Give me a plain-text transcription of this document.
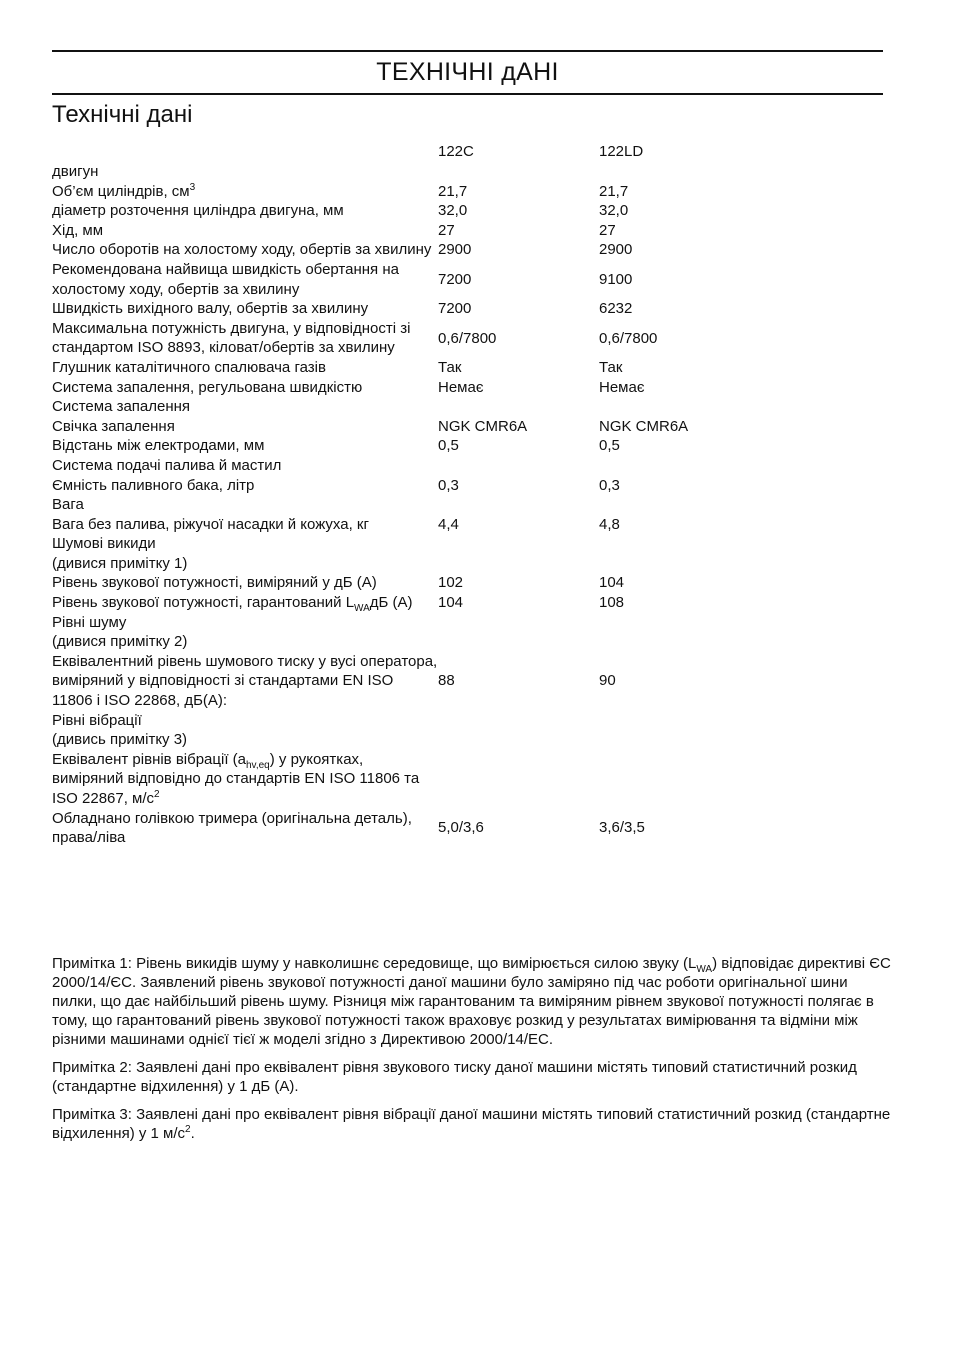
ТЕХНІЧНІ дАНІ
Технічні дані
	122C	122LD
двигун		
Об’єм циліндрів, $см^3$	21,7	21,7
діаметр розточення циліндра двигуна, мм	32,0	32,0
Хід, мм	27	27
Число оборотів на холостому ходу, обертів за хвилину	2900	2900
Рекомендована найвища швидкість обертання на холостому ходу, обертів за хвилину	7200	9100
Швидкість вихідного валу, обертів за хвилину	7200	6232
Максимальна потужність двигуна, у відповідності зі стандартом ISO 8893, кіловат/обертів за хвилину	0,6/7800	0,6/7800
Глушник каталітичного спалювача газів	Так	Так
Система запалення, регульована швидкістю	Немає	Немає
Система запалення		
Свічка запалення	NGK CMR6A	NGK CMR6A
Відстань між електродами, мм	0,5	0,5
Система подачі палива й мастил		
Ємність паливного бака, літр	0,3	0,3
Вага		
Вага без палива, ріжучої насадки й кожуха, кг	4,4	4,8
Шумові викиди		
(дивися примітку 1)		
Рівень звукової потужності, виміряний у дБ (A)	102	104
Рівень звукової потужності, гарантований $L_{WA}дБ$ (A)	104	108
Рівні шуму		
(дивися примітку 2)		
Еквівалентний рівень шумового тиску у вусі оператора, виміряний у відповідності зі стандартами EN ISO 11806 і ISO 22868, дБ(A):	88	90
Рівні вібрації		
(дивись примітку 3)		
Еквівалент рівнів вібрації $(a_{hv,eq})$ у рукоятках, виміряний відповідно до стандартів EN ISO 11806 та ISO 22867, $м/с^2$		
Обладнано голівкою тримера (оригінальна деталь), права/ліва	5,0/3,6	3,6/3,5

Примітка 1: Рівень викидів шуму у навколишнє середовище, що вимірюється силою звуку $(L_{WA})$ відповідає директиві ЄС 2000/14/ЄС. Заявлений рівень звукової потужності даної машини було заміряно під час роботи оригінальної шини пилки, що дає найбільший рівень шуму. Різниця між гарантованим та виміряним рівнем звукової потужності полягає в тому, що гарантований рівень звукової потужності також враховує розкид у результатах вимірювання та відміни між різними машинами однієї тієї ж моделі згідно з Директивою 2000/14/ЕС.

Примітка 2: Заявлені дані про еквівалент рівня звукового тиску даної машини містять типовий статистичний розкид (стандартне відхилення) у 1 дБ (A).

Примітка 3: Заявлені дані про еквівалент рівня вібрації даної машини містять типовий статистичний розкид (стандартне відхилення) у 1 $м/с^2$.
